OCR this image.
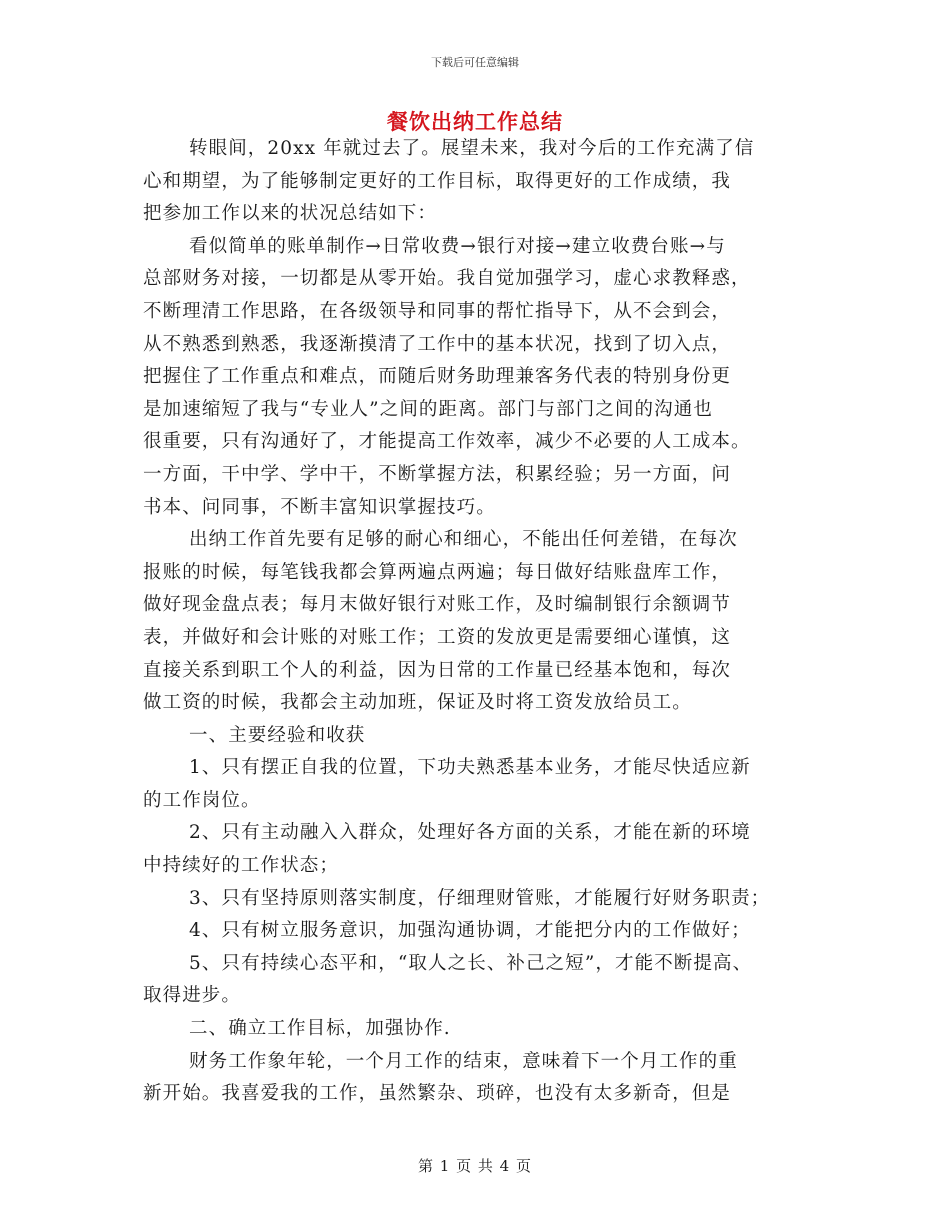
下载后可任意编辑
餐饮出纳工作总结
转眼间，20xx 年就过去了。展望未来，我对今后的工作充满了信
心和期望，为了能够制定更好的工作目标，取得更好的工作成绩，我
把参加工作以来的状况总结如下：
看似简单的账单制作→日常收费→银行对接→建立收费台账→与
总部财务对接，一切都是从零开始。我自觉加强学习，虚心求教释惑，
不断理清工作思路，在各级领导和同事的帮忙指导下，从不会到会，
从不熟悉到熟悉，我逐渐摸清了工作中的基本状况，找到了切入点，
把握住了工作重点和难点，而随后财务助理兼客务代表的特别身份更
是加速缩短了我与“专业人”之间的距离。部门与部门之间的沟通也
很重要，只有沟通好了，才能提高工作效率，减少不必要的人工成本。
一方面，干中学、学中干，不断掌握方法，积累经验；另一方面，问
书本、问同事，不断丰富知识掌握技巧。
出纳工作首先要有足够的耐心和细心，不能出任何差错，在每次
报账的时候，每笔钱我都会算两遍点两遍；每日做好结账盘库工作，
做好现金盘点表；每月末做好银行对账工作，及时编制银行余额调节
表，并做好和会计账的对账工作；工资的发放更是需要细心谨慎，这
直接关系到职工个人的利益，因为日常的工作量已经基本饱和，每次
做工资的时候，我都会主动加班，保证及时将工资发放给员工。
一、主要经验和收获
1、只有摆正自我的位置，下功夫熟悉基本业务，才能尽快适应新
的工作岗位。
2、只有主动融入入群众，处理好各方面的关系，才能在新的环境
中持续好的工作状态；
3、只有坚持原则落实制度，仔细理财管账，才能履行好财务职责；
4、只有树立服务意识，加强沟通协调，才能把分内的工作做好；
5、只有持续心态平和，“取人之长、补己之短”，才能不断提高、
取得进步。
二、确立工作目标，加强协作.
财务工作象年轮，一个月工作的结束，意味着下一个月工作的重
新开始。我喜爱我的工作，虽然繁杂、琐碎，也没有太多新奇，但是
第 1 页 共 4 页
